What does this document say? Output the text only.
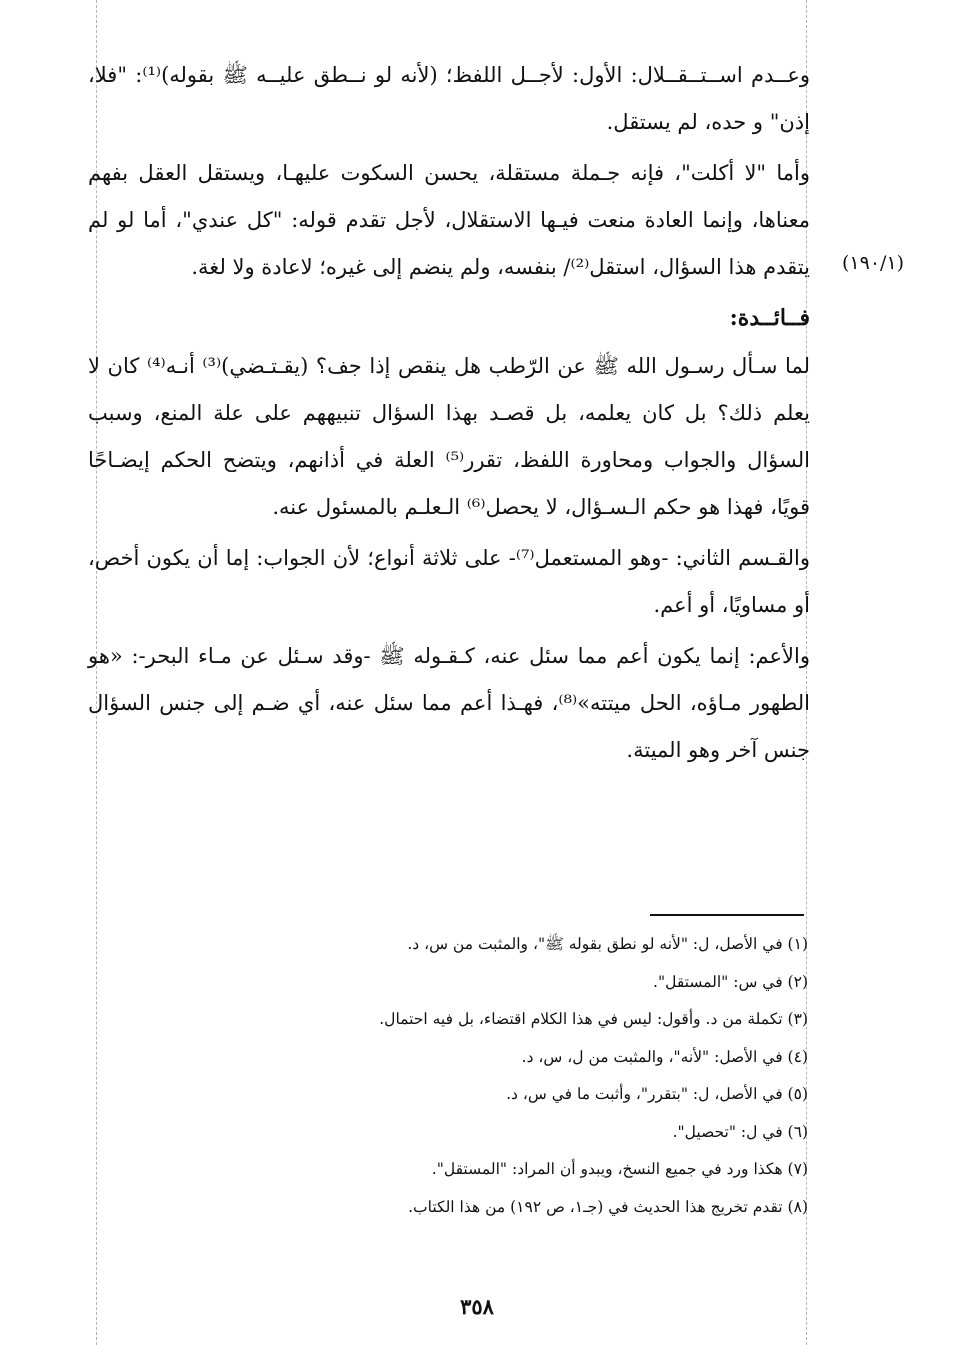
(١٩٠/١)

وعــدم اســتــقــلال: الأول: لأجــل اللفظ؛ (لأنه لو نــطق عليــه ﷺ بقوله)⁽¹⁾: "فلا، إذن" و حده، لم يستقل.

وأما "لا أكلت"، فإنه جـملة مستقلة، يحسن السكوت عليهـا، ويستقل العقل بفهم معناها، وإنما العادة منعت فيـها الاستقلال، لأجل تقدم قوله: "كل عندي"، أما لو لم يتقدم هذا السؤال، استقل⁽²⁾/ بنفسه، ولم ينضم إلى غيره؛ لاعادة ولا لغة.

فــائــدة:

لما سـأل رسـول الله ﷺ عن الرّطب هل ينقص إذا جف؟ (يقـتـضي)⁽³⁾ أنـه⁽⁴⁾ كان لا يعلم ذلك؟ بل كان يعلمه، بل قصـد بهذا السؤال تنبيههم على علة المنع، وسبب السؤال والجواب ومحاورة اللفظ، تقرر⁽⁵⁾ العلة في أذانهم، ويتضح الحكم إيضـاحًا قويًا، فهذا هو حكم الـسـؤال، لا يحصل⁽⁶⁾ الـعلـم بالمسئول عنه.

والقـسم الثاني: -وهو المستعمل⁽⁷⁾- على ثلاثة أنواع؛ لأن الجواب: إما أن يكون أخص، أو مساويًا، أو أعم.

والأعم: إنما يكون أعم مما سئل عنه، كـقـوله ﷺ -وقد سـئل عن مـاء البحر-: «هو الطهور مـاؤه، الحل ميتته»⁽⁸⁾، فهـذا أعم مما سئل عنه، أي ضـم إلى جنس السؤال جنس آخر وهو الميتة.

(١) في الأصل، ل: "لأنه لو نطق بقوله ﷺ"، والمثبت من س، د.

(٢) في س: "المستقل".

(٣) تكملة من د. وأقول: ليس في هذا الكلام اقتضاء، بل فيه احتمال.

(٤) في الأصل: "لأنه"، والمثبت من ل، س، د.

(٥) في الأصل، ل: "بتقرر"، وأثبت ما في س، د.

(٦) في ل: "تحصيل".

(٧) هكذا ورد في جميع النسخ، ويبدو أن المراد: "المستقل".

(٨) تقدم تخريج هذا الحديث في (جـ١، ص ١٩٢) من هذا الكتاب.

٣٥٨
